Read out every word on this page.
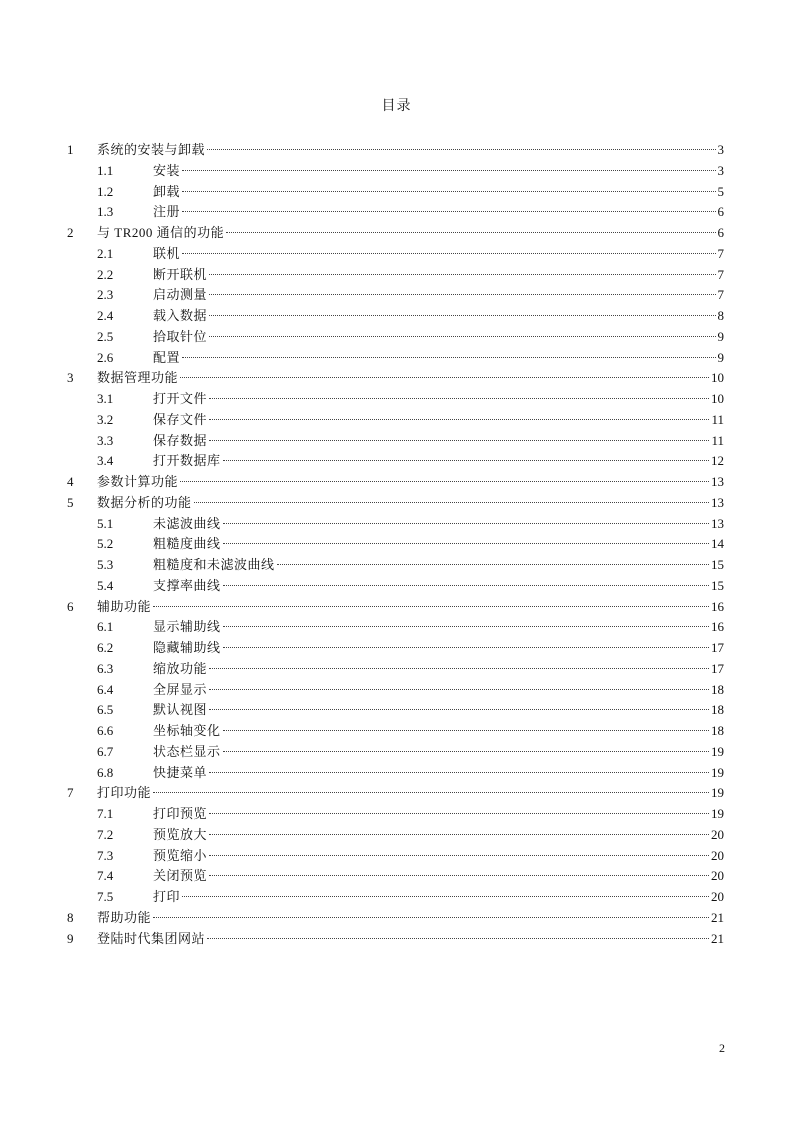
目录
1	系统的安装与卸载	3
1.1	安装	3
1.2	卸载	5
1.3	注册	6
2	与 TR200 通信的功能	6
2.1	联机	7
2.2	断开联机	7
2.3	启动测量	7
2.4	载入数据	8
2.5	拾取针位	9
2.6	配置	9
3	数据管理功能	10
3.1	打开文件	10
3.2	保存文件	11
3.3	保存数据	11
3.4	打开数据库	12
4	参数计算功能	13
5	数据分析的功能	13
5.1	未滤波曲线	13
5.2	粗糙度曲线	14
5.3	粗糙度和未滤波曲线	15
5.4	支撑率曲线	15
6	辅助功能	16
6.1	显示辅助线	16
6.2	隐藏辅助线	17
6.3	缩放功能	17
6.4	全屏显示	18
6.5	默认视图	18
6.6	坐标轴变化	18
6.7	状态栏显示	19
6.8	快捷菜单	19
7	打印功能	19
7.1	打印预览	19
7.2	预览放大	20
7.3	预览缩小	20
7.4	关闭预览	20
7.5	打印	20
8	帮助功能	21
9	登陆时代集团网站	21
2
